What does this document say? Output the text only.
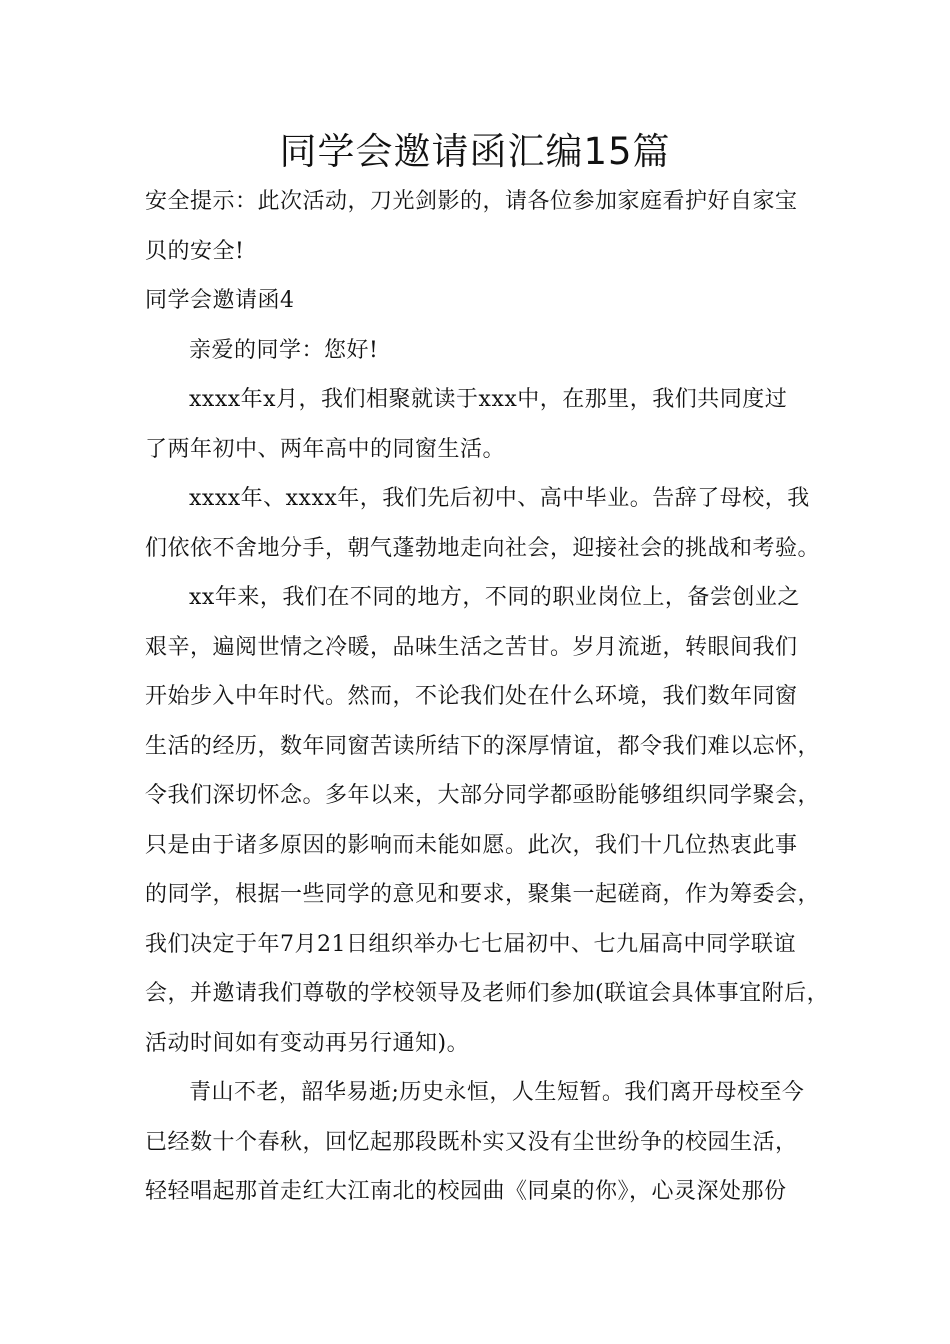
同学会邀请函汇编15篇
安全提示：此次活动，刀光剑影的，请各位参加家庭看护好自家宝
贝的安全!
同学会邀请函4
亲爱的同学：您好!
xxxx年x月，我们相聚就读于xxx中，在那里，我们共同度过
了两年初中、两年高中的同窗生活。
xxxx年、xxxx年，我们先后初中、高中毕业。告辞了母校，我
们依依不舍地分手，朝气蓬勃地走向社会，迎接社会的挑战和考验。
xx年来，我们在不同的地方，不同的职业岗位上，备尝创业之
艰辛，遍阅世情之冷暖，品味生活之苦甘。岁月流逝，转眼间我们
开始步入中年时代。然而，不论我们处在什么环境，我们数年同窗
生活的经历，数年同窗苦读所结下的深厚情谊，都令我们难以忘怀，
令我们深切怀念。多年以来，大部分同学都亟盼能够组织同学聚会，
只是由于诸多原因的影响而未能如愿。此次，我们十几位热衷此事
的同学，根据一些同学的意见和要求，聚集一起磋商，作为筹委会，
我们决定于年7月21日组织举办七七届初中、七九届高中同学联谊
会，并邀请我们尊敬的学校领导及老师们参加(联谊会具体事宜附后，
活动时间如有变动再另行通知)。
青山不老，韶华易逝;历史永恒，人生短暂。我们离开母校至今
已经数十个春秋，回忆起那段既朴实又没有尘世纷争的校园生活，
轻轻唱起那首走红大江南北的校园曲《同桌的你》，心灵深处那份
